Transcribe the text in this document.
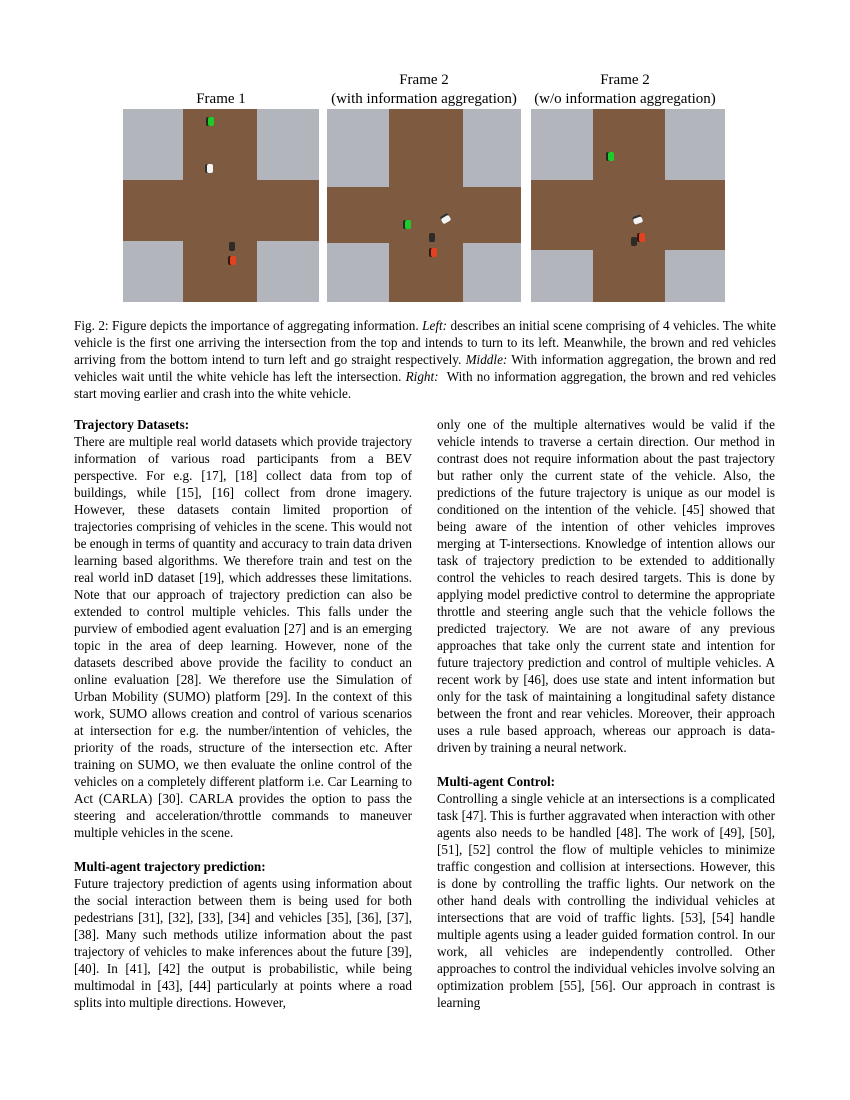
Frame 1
Frame 2
(with information aggregation)
Frame 2
(w/o information aggregation)
Fig. 2: Figure depicts the importance of aggregating information. Left: describes an initial scene comprising of 4 vehicles. The white vehicle is the first one arriving the intersection from the top and intends to turn to its left. Meanwhile, the brown and red vehicles arriving from the bottom intend to turn left and go straight respectively. Middle: With information aggregation, the brown and red vehicles wait until the white vehicle has left the intersection. Right:  With no information aggregation, the brown and red vehicles start moving earlier and crash into the white vehicle.
Trajectory Datasets:

There are multiple real world datasets which provide trajectory information of various road participants from a BEV perspective. For e.g. [17], [18] collect data from top of buildings, while [15], [16] collect from drone imagery. However, these datasets contain limited proportion of trajectories comprising of vehicles in the scene. This would not be enough in terms of quantity and accuracy to train data driven learning based algorithms. We therefore train and test on the real world inD dataset [19], which addresses these limitations. Note that our approach of trajectory prediction can also be extended to control multiple vehicles. This falls under the purview of embodied agent evaluation [27] and is an emerging topic in the area of deep learning. However, none of the datasets described above provide the facility to conduct an online evaluation [28]. We therefore use the Simulation of Urban Mobility (SUMO) platform [29]. In the context of this work, SUMO allows creation and control of various scenarios at intersection for e.g. the number/intention of vehicles, the priority of the roads, structure of the intersection etc. After training on SUMO, we then evaluate the online control of the vehicles on a completely different platform i.e. Car Learning to Act (CARLA) [30]. CARLA provides the option to pass the steering and acceleration/throttle commands to maneuver multiple vehicles in the scene.

Multi-agent trajectory prediction:

Future trajectory prediction of agents using information about the social interaction between them is being used for both pedestrians [31], [32], [33], [34] and vehicles [35], [36], [37], [38]. Many such methods utilize information about the past trajectory of vehicles to make inferences about the future [39], [40]. In [41], [42] the output is probabilistic, while being multimodal in [43], [44] particularly at points where a road splits into multiple directions. However,

only one of the multiple alternatives would be valid if the vehicle intends to traverse a certain direction. Our method in contrast does not require information about the past trajectory but rather only the current state of the vehicle. Also, the predictions of the future trajectory is unique as our model is conditioned on the intention of the vehicle. [45] showed that being aware of the intention of other vehicles improves merging at T-intersections. Knowledge of intention allows our task of trajectory prediction to be extended to additionally control the vehicles to reach desired targets. This is done by applying model predictive control to determine the appropriate throttle and steering angle such that the vehicle follows the predicted trajectory. We are not aware of any previous approaches that take only the current state and intention for future trajectory prediction and control of multiple vehicles. A recent work by [46], does use state and intent information but only for the task of maintaining a longitudinal safety distance between the front and rear vehicles. Moreover, their approach uses a rule based approach, whereas our approach is data-driven by training a neural network.

Multi-agent Control:

Controlling a single vehicle at an intersections is a complicated task [47]. This is further aggravated when interaction with other agents also needs to be handled [48]. The work of [49], [50], [51], [52] control the flow of multiple vehicles to minimize traffic congestion and collision at intersections. However, this is done by controlling the traffic lights. Our network on the other hand deals with controlling the individual vehicles at intersections that are void of traffic lights. [53], [54] handle multiple agents using a leader guided formation control. In our work, all vehicles are independently controlled. Other approaches to control the individual vehicles involve solving an optimization problem [55], [56]. Our approach in contrast is learning
